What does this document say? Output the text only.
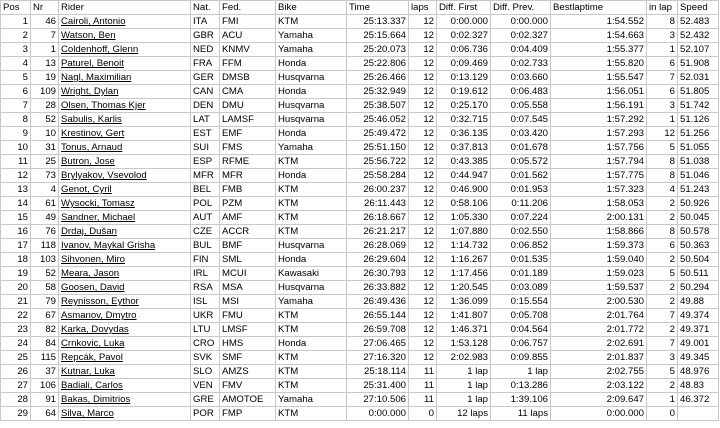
Pos	Nr	Rider	Nat.	Fed.	Bike	Time	laps	Diff. First	Diff. Prev.	Bestlaptime	in lap	Speed
1	46	Cairoli, Antonio	ITA	FMI	KTM	25:13.337	12	0:00.000	0:00.000	1:54.552	8	52.483
2	7	Watson, Ben	GBR	ACU	Yamaha	25:15.664	12	0:02.327	0:02.327	1:54.663	3	52.432
3	1	Coldenhoff, Glenn	NED	KNMV	Yamaha	25:20.073	12	0:06.736	0:04.409	1:55.377	1	52.107
4	13	Paturel, Benoit	FRA	FFM	Honda	25:22.806	12	0:09.469	0:02.733	1:55.820	6	51.908
5	19	Nagl, Maximilian	GER	DMSB	Husqvarna	25:26.466	12	0:13.129	0:03.660	1:55.547	7	52.031
6	109	Wright, Dylan	CAN	CMA	Honda	25:32.949	12	0:19.612	0:06.483	1:56.051	6	51.805
7	28	Olsen, Thomas Kjer	DEN	DMU	Husqvarna	25:38.507	12	0:25.170	0:05.558	1:56.191	3	51.742
8	52	Sabulis, Karlis	LAT	LAMSF	Husqvarna	25:46.052	12	0:32.715	0:07.545	1:57.292	1	51.126
9	10	Krestinov, Gert	EST	EMF	Honda	25:49.472	12	0:36.135	0:03.420	1:57.293	12	51.256
10	31	Tonus, Arnaud	SUI	FMS	Yamaha	25:51.150	12	0:37.813	0:01.678	1:57.756	5	51.055
11	25	Butron, Jose	ESP	RFME	KTM	25:56.722	12	0:43.385	0:05.572	1:57.794	8	51.038
12	73	Brylyakov, Vsevolod	MFR	MFR	Honda	25:58.284	12	0:44.947	0:01.562	1:57.775	8	51.046
13	4	Genot, Cyril	BEL	FMB	KTM	26:00.237	12	0:46.900	0:01.953	1:57.323	4	51.243
14	61	Wysocki, Tomasz	POL	PZM	KTM	26:11.443	12	0:58.106	0:11.206	1:58.053	2	50.926
15	49	Sandner, Michael	AUT	AMF	KTM	26:18.667	12	1:05.330	0:07.224	2:00.131	2	50.045
16	76	Drdaj, Dušan	CZE	ACCR	KTM	26:21.217	12	1:07.880	0:02.550	1:58.866	8	50.578
17	118	Ivanov, Maykal Grisha	BUL	BMF	Husqvarna	26:28.069	12	1:14.732	0:06.852	1:59.373	6	50.363
18	103	Sihvonen, Miro	FIN	SML	Honda	26:29.604	12	1:16.267	0:01.535	1:59.040	2	50.504
19	52	Meara, Jason	IRL	MCUI	Kawasaki	26:30.793	12	1:17.456	0:01.189	1:59.023	5	50.511
20	58	Goosen, David	RSA	MSA	Husqvarna	26:33.882	12	1:20.545	0:03.089	1:59.537	2	50.294
21	79	Reynisson, Eythor	ISL	MSI	Yamaha	26:49.436	12	1:36.099	0:15.554	2:00.530	2	49.88
22	67	Asmanov, Dmytro	UKR	FMU	KTM	26:55.144	12	1:41.807	0:05.708	2:01.764	7	49.374
23	82	Karka, Dovydas	LTU	LMSF	KTM	26:59.708	12	1:46.371	0:04.564	2:01.772	2	49.371
24	84	Crnkovic, Luka	CRO	HMS	Honda	27:06.465	12	1:53.128	0:06.757	2:02.691	7	49.001
25	115	Repcák, Pavol	SVK	SMF	KTM	27:16.320	12	2:02.983	0:09.855	2:01.837	3	49.345
26	37	Kutnar, Luka	SLO	AMZS	KTM	25:18.114	11	1 lap	1 lap	2:02.755	5	48.976
27	106	Badiali, Carlos	VEN	FMV	KTM	25:31.400	11	1 lap	0:13.286	2:03.122	2	48.83
28	91	Bakas, Dimitrios	GRE	AMOTOE	Yamaha	27:10.506	11	1 lap	1:39.106	2:09.647	1	46.372
29	64	Silva, Marco	POR	FMP	KTM	0:00.000	0	12 laps	11 laps	0:00.000	0	
